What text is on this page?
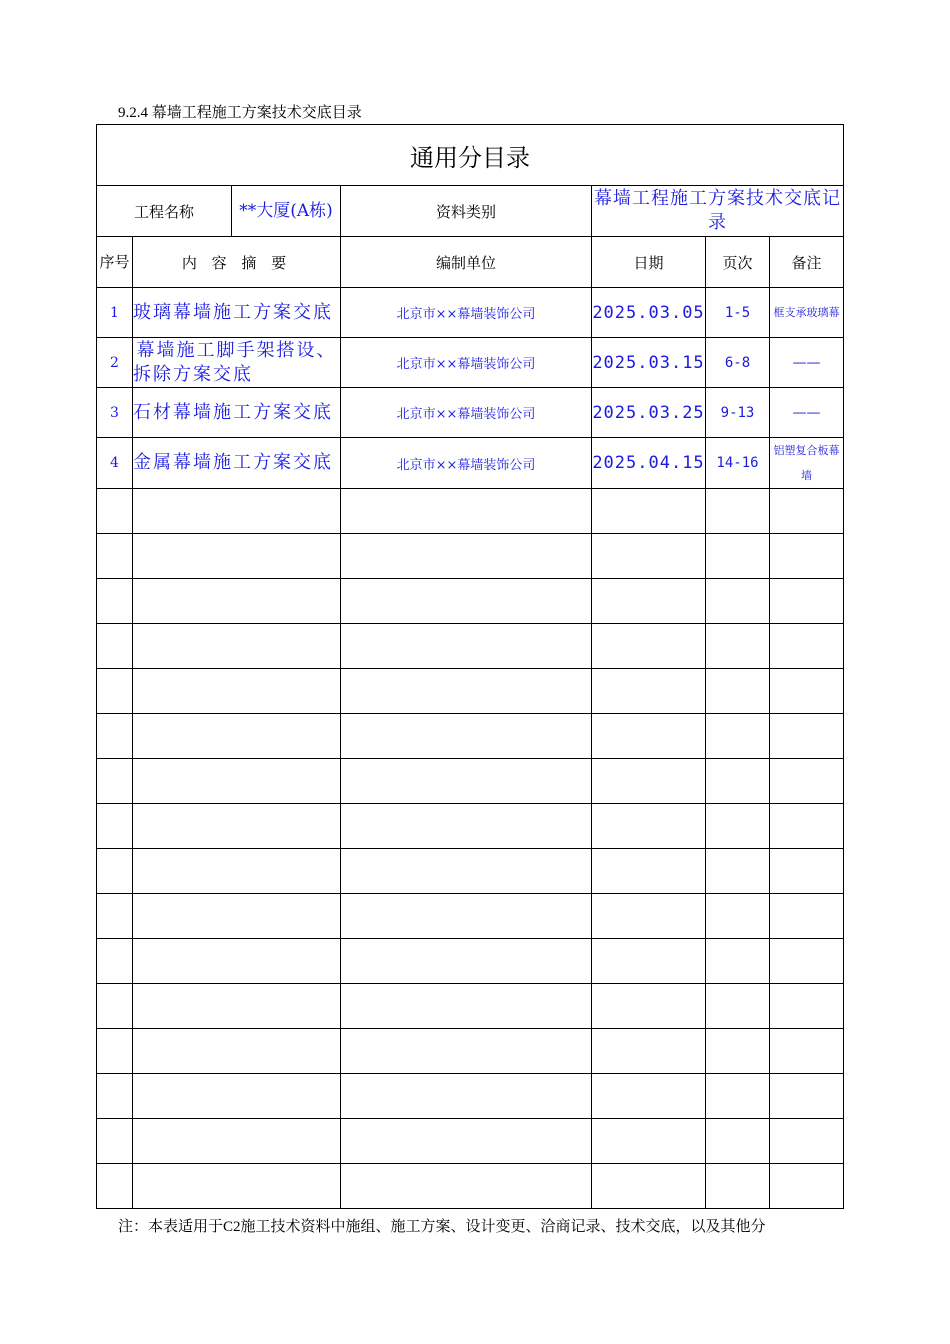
9.2.4 幕墙工程施工方案技术交底目录
通用分目录						
工程名称		**大厦(A栋)	资料类别	幕墙工程施工方案技术交底记录		
序号	内 容 摘 要		编制单位	日期	页次	备注
1	玻璃幕墙施工方案交底		北京市××幕墙装饰公司	2025.03.05	1-5	框支承玻璃幕
2	幕墙施工脚手架搭设、拆除方案交底		北京市××幕墙装饰公司	2025.03.15	6-8	——
3	石材幕墙施工方案交底		北京市××幕墙装饰公司	2025.03.25	9-13	——
4	金属幕墙施工方案交底		北京市××幕墙装饰公司	2025.04.15	14-16	铝塑复合板幕墙

注：本表适用于C2施工技术资料中施组、施工方案、设计变更、洽商记录、技术交底，以及其他分
